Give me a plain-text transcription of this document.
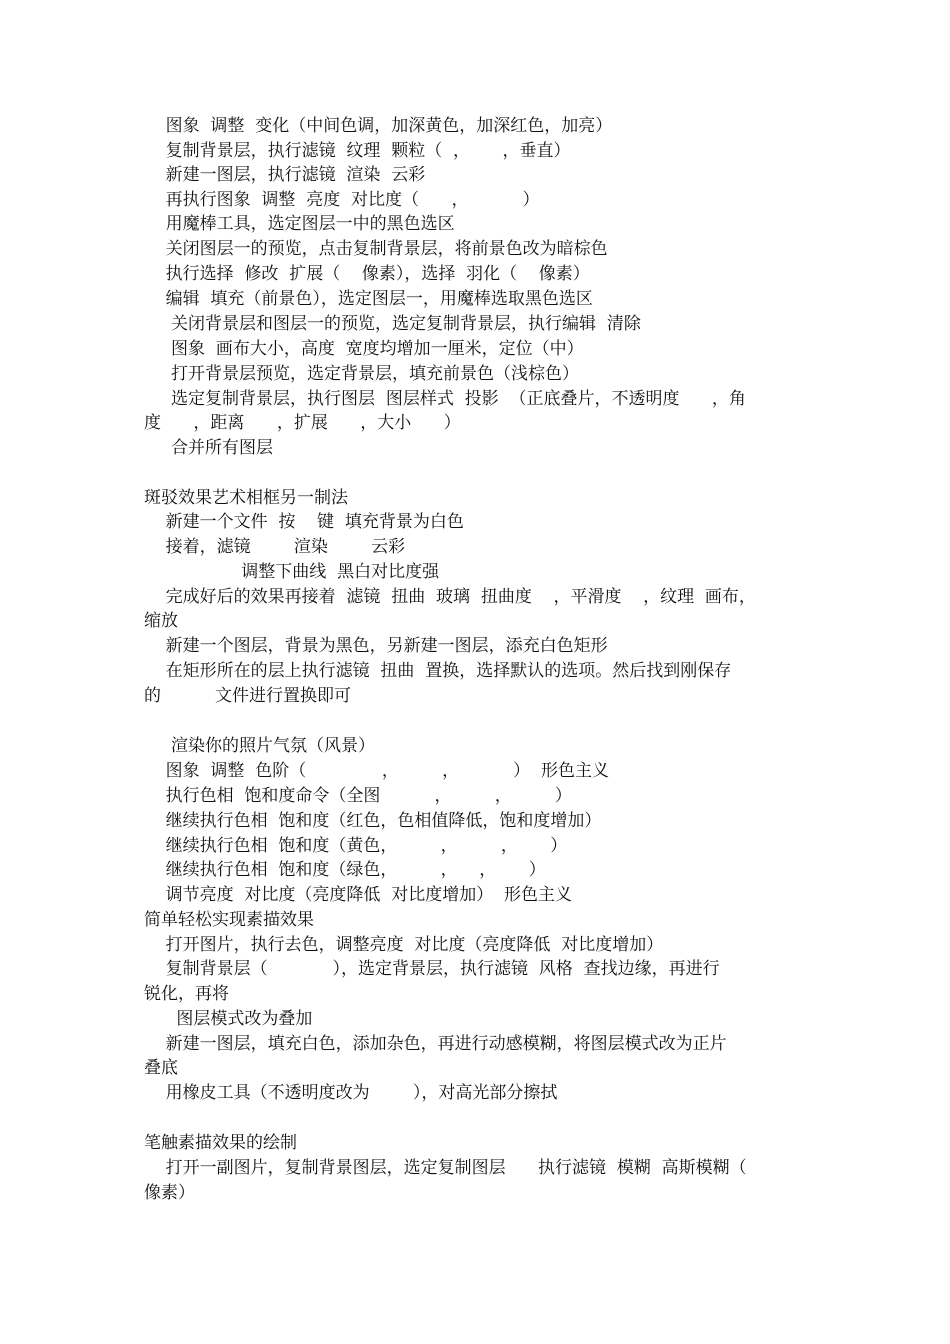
图象  调整  变化（中间色调，加深黄色，加深红色，加亮）
复制背景层，执行滤镜  纹理  颗粒（  ，      ，垂直）
新建一图层，执行滤镜  渲染  云彩
再执行图象  调整  亮度  对比度（      ，          ）
用魔棒工具，选定图层一中的黑色选区
关闭图层一的预览，点击复制背景层，将前景色改为暗棕色
执行选择  修改  扩展（    像素），选择  羽化（    像素）
编辑  填充（前景色），选定图层一，用魔棒选取黑色选区
关闭背景层和图层一的预览，选定复制背景层，执行编辑  清除
图象  画布大小，高度  宽度均增加一厘米，定位（中）
打开背景层预览，选定背景层，填充前景色（浅棕色）
选定复制背景层，执行图层  图层样式  投影  （正底叠片，不透明度      ，角
度      ，距离      ，扩展      ，大小      ）
合并所有图层
斑驳效果艺术相框另一制法
新建一个文件  按    键  填充背景为白色
接着，滤镜        渲染        云彩
调整下曲线  黑白对比度强
完成好后的效果再接着  滤镜  扭曲  玻璃  扭曲度    ，平滑度    ，纹理  画布，
缩放
新建一个图层，背景为黑色，另新建一图层，添充白色矩形
在矩形所在的层上执行滤镜  扭曲  置换，选择默认的选项。然后找到刚保存
的          文件进行置换即可
渲染你的照片气氛（风景）
图象  调整  色阶（              ，        ，          ）  形色主义
执行色相  饱和度命令（全图          ，        ，        ）
继续执行色相  饱和度（红色，色相值降低，饱和度增加）
继续执行色相  饱和度（黄色，        ，        ，      ）
继续执行色相  饱和度（绿色，        ，    ，      ）
调节亮度  对比度（亮度降低  对比度增加）  形色主义
简单轻松实现素描效果
打开图片，执行去色，调整亮度  对比度（亮度降低  对比度增加）
复制背景层（            ），选定背景层，执行滤镜  风格  查找边缘，再进行
锐化，再将
图层模式改为叠加
新建一图层，填充白色，添加杂色，再进行动感模糊，将图层模式改为正片
叠底
用橡皮工具（不透明度改为        ），对高光部分擦拭
笔触素描效果的绘制
打开一副图片，复制背景图层，选定复制图层      执行滤镜  模糊  高斯模糊（
像素）
